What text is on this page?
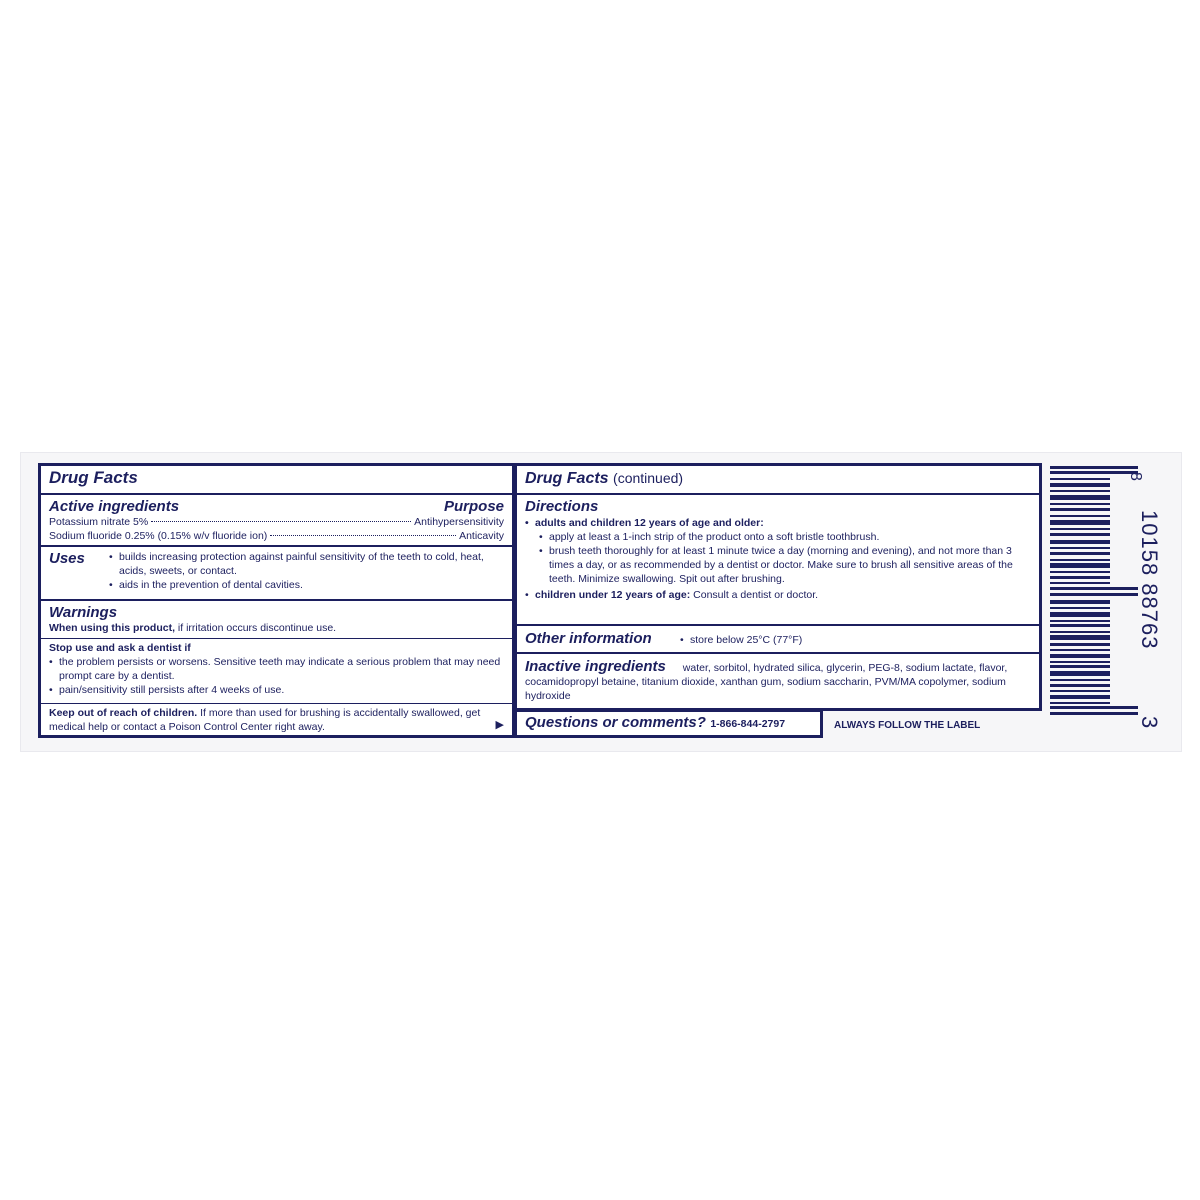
Drug Facts
Active ingredients	Purpose
Potassium nitrate 5%	Antihypersensitivity
Sodium fluoride 0.25% (0.15% w/v fluoride ion)	Anticavity
Uses	• builds increasing protection against painful sensitivity of the teeth to cold, heat, acids, sweets, or contact.
• aids in the prevention of dental cavities.
Warnings
When using this product, if irritation occurs discontinue use.
Stop use and ask a dentist if
• the problem persists or worsens. Sensitive teeth may indicate a serious problem that may need prompt care by a dentist.
• pain/sensitivity still persists after 4 weeks of use.
Keep out of reach of children. If more than used for brushing is accidentally swallowed, get medical help or contact a Poison Control Center right away.	▶
Drug Facts (continued)
Directions
• adults and children 12 years of age and older:
• apply at least a 1-inch strip of the product onto a soft bristle toothbrush.
• brush teeth thoroughly for at least 1 minute twice a day (morning and evening), and not more than 3 times a day, or as recommended by a dentist or doctor. Make sure to brush all sensitive areas of the teeth. Minimize swallowing. Spit out after brushing.
• children under 12 years of age: Consult a dentist or doctor.
Other information	• store below 25°C (77°F)
Inactive ingredients water, sorbitol, hydrated silica, glycerin, PEG-8, sodium lactate, flavor, cocamidopropyl betaine, titanium dioxide, xanthan gum, sodium saccharin, PVM/MA copolymer, sodium hydroxide
Questions or comments? 1-866-844-2797	ALWAYS FOLLOW THE LABEL
8
10158 88763
3
